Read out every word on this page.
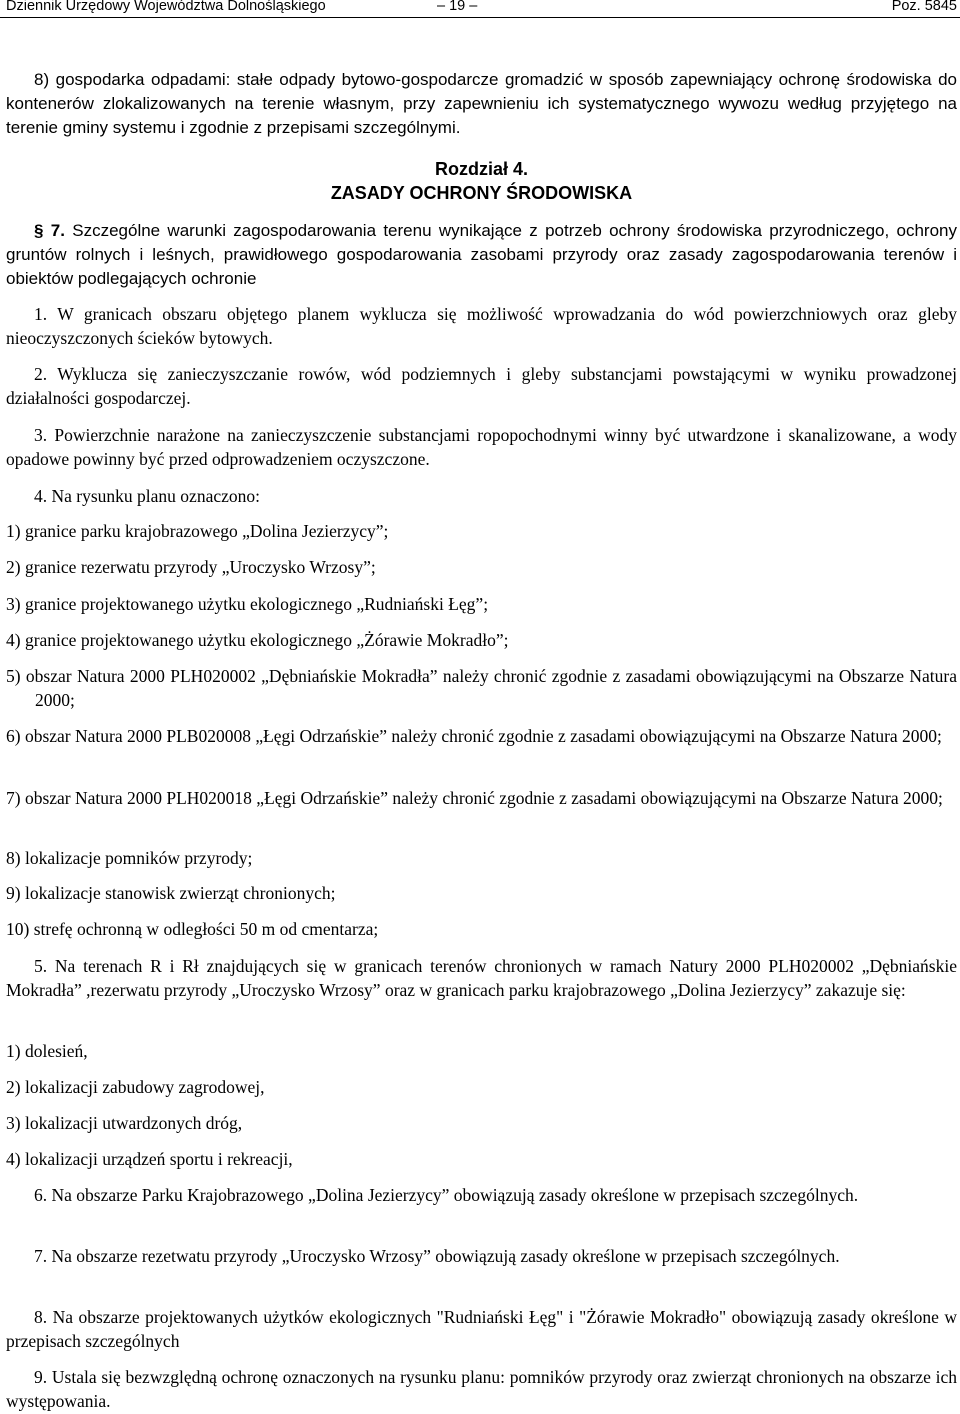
Dziennik Urzędowy Województwa Dolnośląskiego	– 19 –	Poz. 5845

8) gospodarka odpadami: stałe odpady bytowo-gospodarcze gromadzić w sposób zapewniający ochronę środowiska do kontenerów zlokalizowanych na terenie własnym, przy zapewnieniu ich systematycznego wywozu według przyjętego na terenie gminy systemu i zgodnie z przepisami szczególnymi.

Rozdział 4.

ZASADY OCHRONY ŚRODOWISKA

§ 7. Szczególne warunki zagospodarowania terenu wynikające z potrzeb ochrony środowiska przyrodniczego, ochrony gruntów rolnych i leśnych, prawidłowego gospodarowania zasobami przyrody oraz zasady zagospodarowania terenów i obiektów podlegających ochronie

1. W granicach obszaru objętego planem wyklucza się możliwość wprowadzania do wód powierzchniowych oraz gleby nieoczyszczonych ścieków bytowych.

2. Wyklucza się zanieczyszczanie rowów, wód podziemnych i gleby substancjami powstającymi w wyniku prowadzonej działalności gospodarczej.

3. Powierzchnie narażone na zanieczyszczenie substancjami ropopochodnymi winny być utwardzone i skanalizowane, a wody opadowe powinny być przed odprowadzeniem oczyszczone.

4. Na rysunku planu oznaczono:

1) granice parku krajobrazowego „Dolina Jezierzycy”;

2) granice rezerwatu przyrody „Uroczysko Wrzosy”;

3) granice projektowanego użytku ekologicznego „Rudniański Łęg”;

4) granice projektowanego użytku ekologicznego „Żórawie Mokradło”;

5) obszar Natura 2000 PLH020002 „Dębniańskie Mokradła” należy chronić zgodnie z zasadami obowiązującymi na Obszarze Natura 2000;

6) obszar Natura 2000 PLB020008 „Łęgi Odrzańskie” należy chronić zgodnie z zasadami obowiązującymi na Obszarze Natura 2000;

7) obszar Natura 2000 PLH020018 „Łęgi Odrzańskie” należy chronić zgodnie z zasadami obowiązującymi na Obszarze Natura 2000;

8) lokalizacje pomników przyrody;

9) lokalizacje stanowisk zwierząt chronionych;

10) strefę ochronną w odległości 50 m od cmentarza;

5. Na terenach R i Rł znajdujących się w granicach terenów chronionych w ramach Natury 2000 PLH020002 „Dębniańskie Mokradła” ,rezerwatu przyrody „Uroczysko Wrzosy” oraz w granicach parku krajobrazowego „Dolina Jezierzycy” zakazuje się:

1) dolesień,

2) lokalizacji zabudowy zagrodowej,

3) lokalizacji utwardzonych dróg,

4) lokalizacji urządzeń sportu i rekreacji,

6. Na obszarze Parku Krajobrazowego „Dolina Jezierzycy” obowiązują zasady określone w przepisach szczególnych.

7. Na obszarze rezetwatu przyrody „Uroczysko Wrzosy” obowiązują zasady określone w przepisach szczególnych.

8. Na obszarze projektowanych użytków ekologicznych "Rudniański Łęg" i "Żórawie Mokradło" obowiązują zasady określone w przepisach szczególnych

9. Ustala się bezwzględną ochronę oznaczonych na rysunku planu: pomników przyrody oraz zwierząt chronionych na obszarze ich występowania.
